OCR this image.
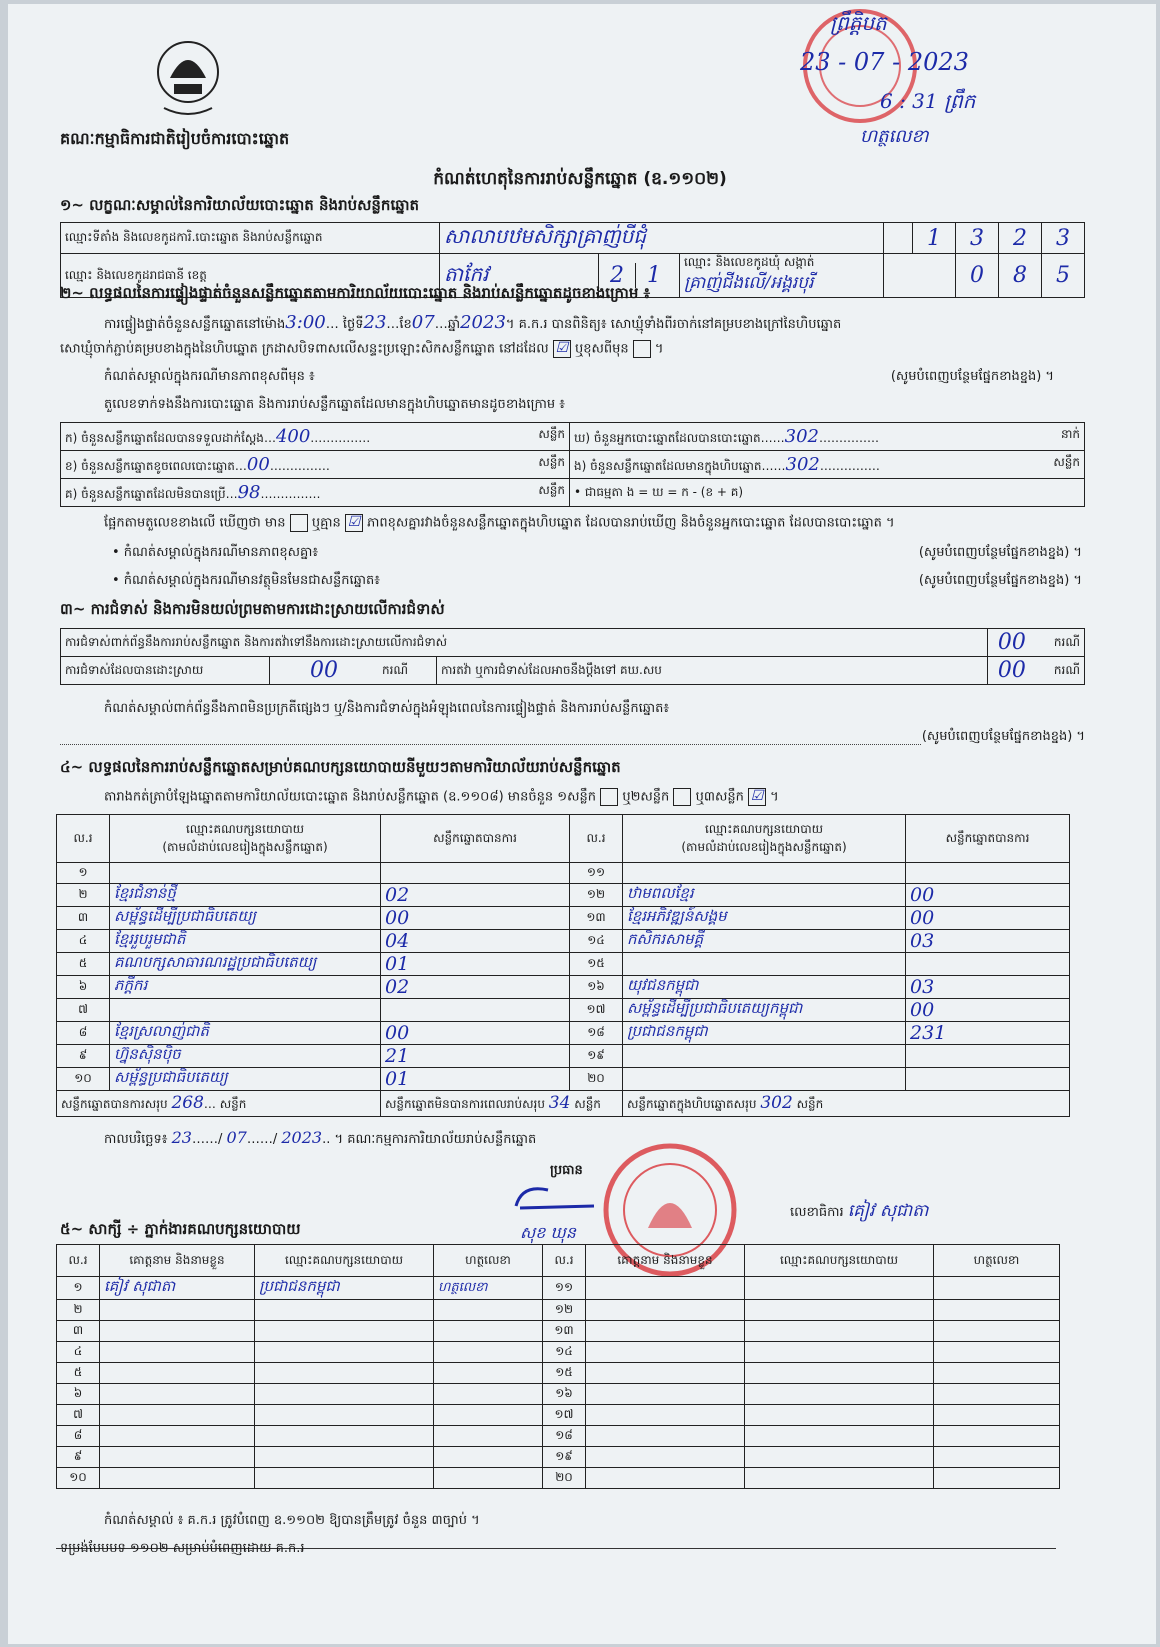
គណៈកម្មាធិការជាតិរៀបចំការបោះឆ្នោត
ព្រឹត្តិបត
23 - 07 - 2023
6 : 31 ព្រឹក
ហត្ថលេខា
កំណត់ហេតុនៃការរាប់សន្លឹកឆ្នោត (ឧ.១១០២)
១~ លក្ខណៈសម្គាល់នៃការិយាល័យបោះឆ្នោត និងរាប់សន្លឹកឆ្នោត
ឈ្មោះទីតាំង និងលេខកូដការិ.បោះឆ្នោត និងរាប់សន្លឹកឆ្នោត	សាលាបឋមសិក្សាគ្រាញ់បីជុំ				1	3	2	3
ឈ្មោះ និងលេខកូដរាជធានី ខេត្ត	តាកែវ	2 1	ឈ្មោះ និងលេខកូដឃុំ សង្កាត់ គ្រាញ់ជីងលើ/អង្គរបុរី			0	8	5
២~ លទ្ធផលនៃការផ្ទៀងផ្ទាត់ចំនួនសន្លឹកឆ្នោតតាមការិយាល័យបោះឆ្នោត និងរាប់សន្លឹកឆ្នោតដូចខាងក្រោម ៖
ការផ្ទៀងផ្ទាត់ចំនួនសន្លឹកឆ្នោតនៅម៉ោង3:00… ថ្ងៃទី23…ខែ07…ឆ្នាំ2023។ គ.ក.រ បានពិនិត្យ៖ សោឃ្មុំទាំងពីរចាក់នៅគម្របខាងក្រៅនៃហិបឆ្នោត
សោឃ្មុំចាក់ភ្ជាប់គម្របខាងក្នុងនៃហិបឆ្នោត ក្រដាសបិទពាសលើសន្ទះប្រឡោះសិកសន្លឹកឆ្នោត នៅដដែល ☑ ឬខុសពីមុន ។
កំណត់សម្គាល់ក្នុងករណីមានភាពខុសពីមុន ៖	(សូមបំពេញបន្ថែមផ្នែកខាងខ្នង) ។
តួលេខទាក់ទងនឹងការបោះឆ្នោត និងការរាប់សន្លឹកឆ្នោតដែលមានក្នុងហិបឆ្នោតមានដូចខាងក្រោម ៖
ក) ចំនួនសន្លឹកឆ្នោតដែលបានទទួលដាក់ស្តែង…400…………… សន្លឹក	ឃ) ចំនួនអ្នកបោះឆ្នោតដែលបានបោះឆ្នោត……302…………… នាក់

ខ) ចំនួនសន្លឹកឆ្នោតខូចពេលបោះឆ្នោត…00…………… សន្លឹក	ង) ចំនួនសន្លឹកឆ្នោតដែលមានក្នុងហិបឆ្នោត……302…………… សន្លឹក

គ) ចំនួនសន្លឹកឆ្នោតដែលមិនបានប្រើ…98…………… សន្លឹក	• ជាធម្មតា ង = ឃ = ក - (ខ + គ)
ផ្អែកតាមតួលេខខាងលើ ឃើញថា មាន ឬគ្មាន ☑ ភាពខុសគ្នារវាងចំនួនសន្លឹកឆ្នោតក្នុងហិបឆ្នោត ដែលបានរាប់ឃើញ និងចំនួនអ្នកបោះឆ្នោត ដែលបានបោះឆ្នោត ។
• កំណត់សម្គាល់ក្នុងករណីមានភាពខុសគ្នា៖	(សូមបំពេញបន្ថែមផ្នែកខាងខ្នង) ។
• កំណត់សម្គាល់ក្នុងករណីមានវត្ថុមិនមែនជាសន្លឹកឆ្នោត៖	(សូមបំពេញបន្ថែមផ្នែកខាងខ្នង) ។
៣~ ការជំទាស់ និងការមិនយល់ព្រមតាមការដោះស្រាយលើការជំទាស់
ការជំទាស់ពាក់ព័ន្ធនឹងការរាប់សន្លឹកឆ្នោត និងការតវ៉ាទៅនឹងការដោះស្រាយលើការជំទាស់				00	ករណី
ការជំទាស់ដែលបានដោះស្រាយ	00	ករណី	ការតវ៉ា ឬការជំទាស់ដែលអាចនឹងប្តឹងទៅ គឃ.សប	00	ករណី
កំណត់សម្គាល់ពាក់ព័ន្ធនឹងភាពមិនប្រក្រតីផ្សេងៗ ឬ/និងការជំទាស់ក្នុងអំឡុងពេលនៃការផ្ទៀងផ្ទាត់ និងការរាប់សន្លឹកឆ្នោត៖
(សូមបំពេញបន្ថែមផ្នែកខាងខ្នង) ។
៤~ លទ្ធផលនៃការរាប់សន្លឹកឆ្នោតសម្រាប់គណបក្សនយោបាយនីមួយៗតាមការិយាល័យរាប់សន្លឹកឆ្នោត
តារាងកត់ត្រាបំឡែងឆ្នោតតាមការិយាល័យបោះឆ្នោត និងរាប់សន្លឹកឆ្នោត (ឧ.១១០៨) មានចំនួន ១សន្លឹក ឬ២សន្លឹក ឬ៣សន្លឹក ☑ ។
ល.រ	ឈ្មោះគណបក្សនយោបាយ
(តាមលំដាប់លេខរៀងក្នុងសន្លឹកឆ្នោត)	សន្លឹកឆ្នោតបានការ	ល.រ	ឈ្មោះគណបក្សនយោបាយ
(តាមលំដាប់លេខរៀងក្នុងសន្លឹកឆ្នោត)	សន្លឹកឆ្នោតបានការ
១			១១		
២	ខ្មែរជំនាន់ថ្មី	02	១២	ឋាមពលខ្មែរ	00
៣	សម្ព័ន្ធដើម្បីប្រជាធិបតេយ្យ	00	១៣	ខ្មែរអភិវឌ្ឍន៍សង្គម	00
៤	ខ្មែររួបរួមជាតិ	04	១៤	កសិករសាមគ្គី	03
៥	គណបក្សសាធារណរដ្ឋប្រជាធិបតេយ្យ	01	១៥		
៦	ភក្តីករ	02	១៦	យុវជនកម្ពុជា	03
៧			១៧	សម្ព័ន្ធដើម្បីប្រជាធិបតេយ្យកម្ពុជា	00
៨	ខ្មែរស្រលាញ់ជាតិ	00	១៨	ប្រជាជនកម្ពុជា	231
៩	ហ្វ៊ុនស៊ិនប៉ិច	21	១៩		
១០	សម្ព័ន្ធប្រជាធិបតេយ្យ	01	២០		
សន្លឹកឆ្នោតបានការសរុប 268… សន្លឹក		សន្លឹកឆ្នោតមិនបានការពេលរាប់សរុប 34 សន្លឹក		សន្លឹកឆ្នោតក្នុងហិបឆ្នោតសរុប 302 សន្លឹក	
កាលបរិច្ឆេទ៖ 23……/ 07……/ 2023.. ។ គណៈកម្មការការិយាល័យរាប់សន្លឹកឆ្នោត
ប្រធាន
សុខ ឃុន
លេខាធិការ គៀវ សុជាតា
៥~ សាក្សី ÷ ភ្នាក់ងារគណបក្សនយោបាយ
ល.រ	គោត្តនាម និងនាមខ្លួន	ឈ្មោះគណបក្សនយោបាយ	ហត្ថលេខា	ល.រ	គោត្តនាម និងនាមខ្លួន	ឈ្មោះគណបក្សនយោបាយ	ហត្ថលេខា
១	គៀវ សុជាតា	ប្រជាជនកម្ពុជា	ហត្ថលេខា	១១			
២				១២			
៣				១៣			
៤				១៤			
៥				១៥			
៦				១៦			
៧				១៧			
៨				១៨			
៩				១៩			
១០				២០			
កំណត់សម្គាល់ ៖ គ.ក.រ ត្រូវបំពេញ ឧ.១១០២ ឱ្យបានត្រឹមត្រូវ ចំនួន ៣ច្បាប់ ។
ទម្រង់បែបបទ ១១០២ សម្រាប់បំពេញដោយ គ.ក.រ
